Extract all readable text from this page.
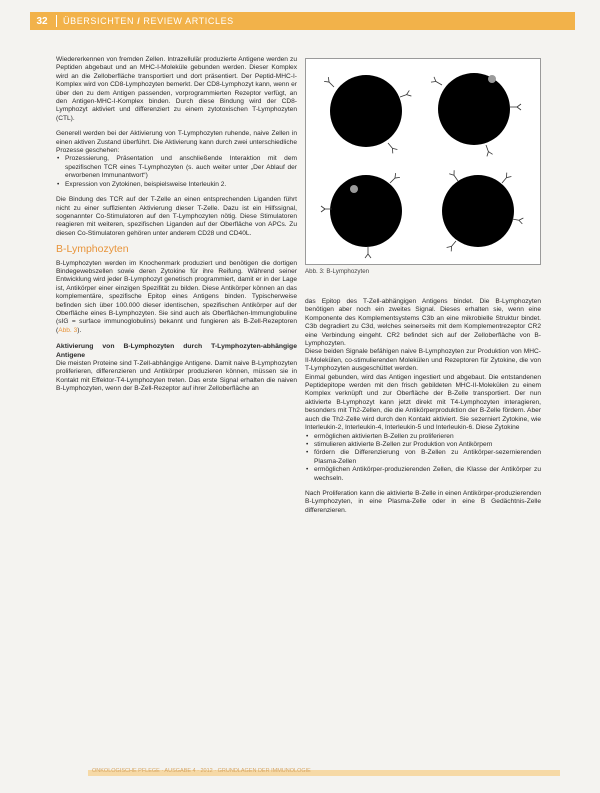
32	ÜBERSICHTEN / REVIEW ARTICLES

Wiedererkennen von fremden Zellen. Intrazellulär produzierte Antigene werden zu Peptiden abgebaut und an MHC-I-Moleküle gebunden werden. Dieser Komplex wird an die Zelloberfläche transportiert und dort präsentiert. Der Peptid-MHC-I-Komplex wird von CD8-Lymphozyten bemerkt. Der CD8-Lymphozyt kann, wenn er über den zu dem Antigen passenden, vorprogrammierten Rezeptor verfügt, an den Antigen-MHC-I-Komplex binden. Durch diese Bindung wird der CD8-Lymphozyt aktiviert und differenziert zu einem zytotoxischen T-Lymphozyten (CTL).

Generell werden bei der Aktivierung von T-Lymphozyten ruhende, naive Zellen in einen aktiven Zustand überführt. Die Aktivierung kann durch zwei unterschiedliche Prozesse geschehen:

• Prozessierung, Präsentation und anschließende Interaktion mit dem spezifischen TCR eines T-Lymphozyten (s. auch weiter unter „Der Ablauf der erworbenen Immunantwort“)
• Expression von Zytokinen, beispielsweise Interleukin 2.

Die Bindung des TCR auf der T-Zelle an einen entsprechenden Liganden führt nicht zu einer suffizienten Aktivierung dieser T-Zelle. Dazu ist ein Hilfssignal, sogenannter Co-Stimulatoren auf den T-Lymphozyten nötig. Diese Stimulatoren reagieren mit weiteren, spezifischen Liganden auf der Oberfläche von APCs. Zu diesen Co-Stimulatoren gehören unter anderem CD28 und CD40L.

B-Lymphozyten

B-Lymphozyten werden im Knochenmark produziert und benötigen die dortigen Bindegewebszellen sowie deren Zytokine für ihre Reifung. Während seiner Entwicklung wird jeder B-Lymphozyt genetisch programmiert, damit er in der Lage ist, Antikörper einer einzigen Spezifität zu bilden. Diese Antikörper können an das komplementäre, spezifische Epitop eines Antigens binden. Typischerweise befinden sich über 100.000 dieser identischen, spezifischen Antikörper auf der Oberfläche eines B-Lymphozyten. Sie sind auch als Oberflächen-Immunglobuline (sIG = surface immunoglobulins) bekannt und fungieren als B-Zell-Rezeptoren (Abb. 3).

Aktivierung von B-Lymphozyten durch T-Lymphozyten-abhängige Antigene

Die meisten Proteine sind T-Zell-abhängige Antigene. Damit naive B-Lymphozyten proliferieren, differenzieren und Antikörper produzieren können, müssen sie in Kontakt mit Effektor-T4-Lymphozyten treten. Das erste Signal erhalten die naiven B-Lymphozyten, wenn der B-Zell-Rezeptor auf ihrer Zelloberfläche an

Abb. 3: B-Lymphozyten

das Epitop des T-Zell-abhängigen Antigens bindet. Die B-Lymphozyten benötigen aber noch ein zweites Signal. Dieses erhalten sie, wenn eine Komponente des Komplementsystems C3b an eine mikrobielle Struktur bindet. C3b degradiert zu C3d, welches seinerseits mit dem Komplementrezeptor CR2 eine Verbindung eingeht. CR2 befindet sich auf der Zelloberfläche von B-Lymphozyten.

Diese beiden Signale befähigen naive B-Lymphozyten zur Produktion von MHC-II-Molekülen, co-stimulierenden Molekülen und Rezeptoren für Zytokine, die von T-Lymphozyten ausgeschüttet werden.

Einmal gebunden, wird das Antigen ingestiert und abgebaut. Die entstandenen Peptidepitope werden mit den frisch gebildeten MHC-II-Molekülen zu einem Komplex verknüpft und zur Oberfläche der B-Zelle transportiert. Der nun aktivierte B-Lymphozyt kann jetzt direkt mit T4-Lymphozyten interagieren, besonders mit Th2-Zellen, die die Antikörperproduktion der B-Zelle fördern. Aber auch die Th2-Zelle wird durch den Kontakt aktiviert. Sie sezerniert Zytokine, wie Interleukin-2, Interleukin-4, Interleukin-5 und Interleukin-6. Diese Zytokine

• ermöglichen aktivierten B-Zellen zu proliferieren
• stimulieren aktivierte B-Zellen zur Produktion von Antikörpern
• fördern die Differenzierung von B-Zellen zu Antikörper-sezernierenden Plasma-Zellen
• ermöglichen Antikörper-produzierenden Zellen, die Klasse der Antikörper zu wechseln.

Nach Proliferation kann die aktivierte B-Zelle in einen Antikörper-produzierenden B-Lymphozyten, in eine Plasma-Zelle oder in eine B Gedächtnis-Zelle differenzieren.

ONKOLOGISCHE PFLEGE · AUSGABE 4 · 2012 · GRUNDLAGEN DER IMMUNOLOGIE
